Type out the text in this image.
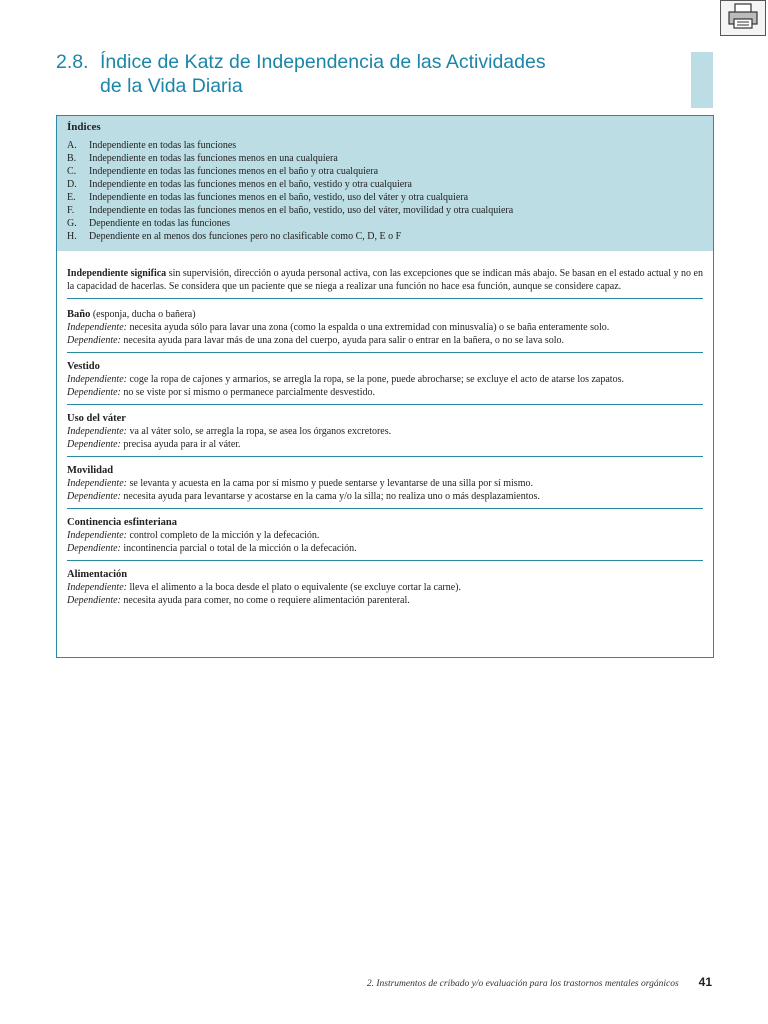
2.8. Índice de Katz de Independencia de las Actividades
de la Vida Diaria
Índices
A.	Independiente en todas las funciones
B.	Independiente en todas las funciones menos en una cualquiera
C.	Independiente en todas las funciones menos en el baño y otra cualquiera
D.	Independiente en todas las funciones menos en el baño, vestido y otra cualquiera
E.	Independiente en todas las funciones menos en el baño, vestido, uso del váter y otra cualquiera
F.	Independiente en todas las funciones menos en el baño, vestido, uso del váter, movilidad y otra cualquiera
G.	Dependiente en todas las funciones
H.	Dependiente en al menos dos funciones pero no clasificable como C, D, E o F

Independiente significa sin supervisión, dirección o ayuda personal activa, con las excepciones que se indican más abajo. Se basan en el estado actual y no en la capacidad de hacerlas. Se considera que un paciente que se niega a realizar una función no hace esa función, aunque se considere capaz.

Baño (esponja, ducha o bañera)
Independiente: necesita ayuda sólo para lavar una zona (como la espalda o una extremidad con minusvalía) o se baña enteramente solo.
Dependiente: necesita ayuda para lavar más de una zona del cuerpo, ayuda para salir o entrar en la bañera, o no se lava solo.
Vestido
Independiente: coge la ropa de cajones y armarios, se arregla la ropa, se la pone, puede abrocharse; se excluye el acto de atarse los zapatos.
Dependiente: no se viste por sí mismo o permanece parcialmente desvestido.
Uso del váter
Independiente: va al váter solo, se arregla la ropa, se asea los órganos excretores.
Dependiente: precisa ayuda para ir al váter.
Movilidad
Independiente: se levanta y acuesta en la cama por sí mismo y puede sentarse y levantarse de una silla por sí mismo.
Dependiente: necesita ayuda para levantarse y acostarse en la cama y/o la silla; no realiza uno o más desplazamientos.
Continencia esfinteriana
Independiente: control completo de la micción y la defecación.
Dependiente: incontinencia parcial o total de la micción o la defecación.
Alimentación
Independiente: lleva el alimento a la boca desde el plato o equivalente (se excluye cortar la carne).
Dependiente: necesita ayuda para comer, no come o requiere alimentación parenteral.
2. Instrumentos de cribado y/o evaluación para los trastornos mentales orgánicos 41
